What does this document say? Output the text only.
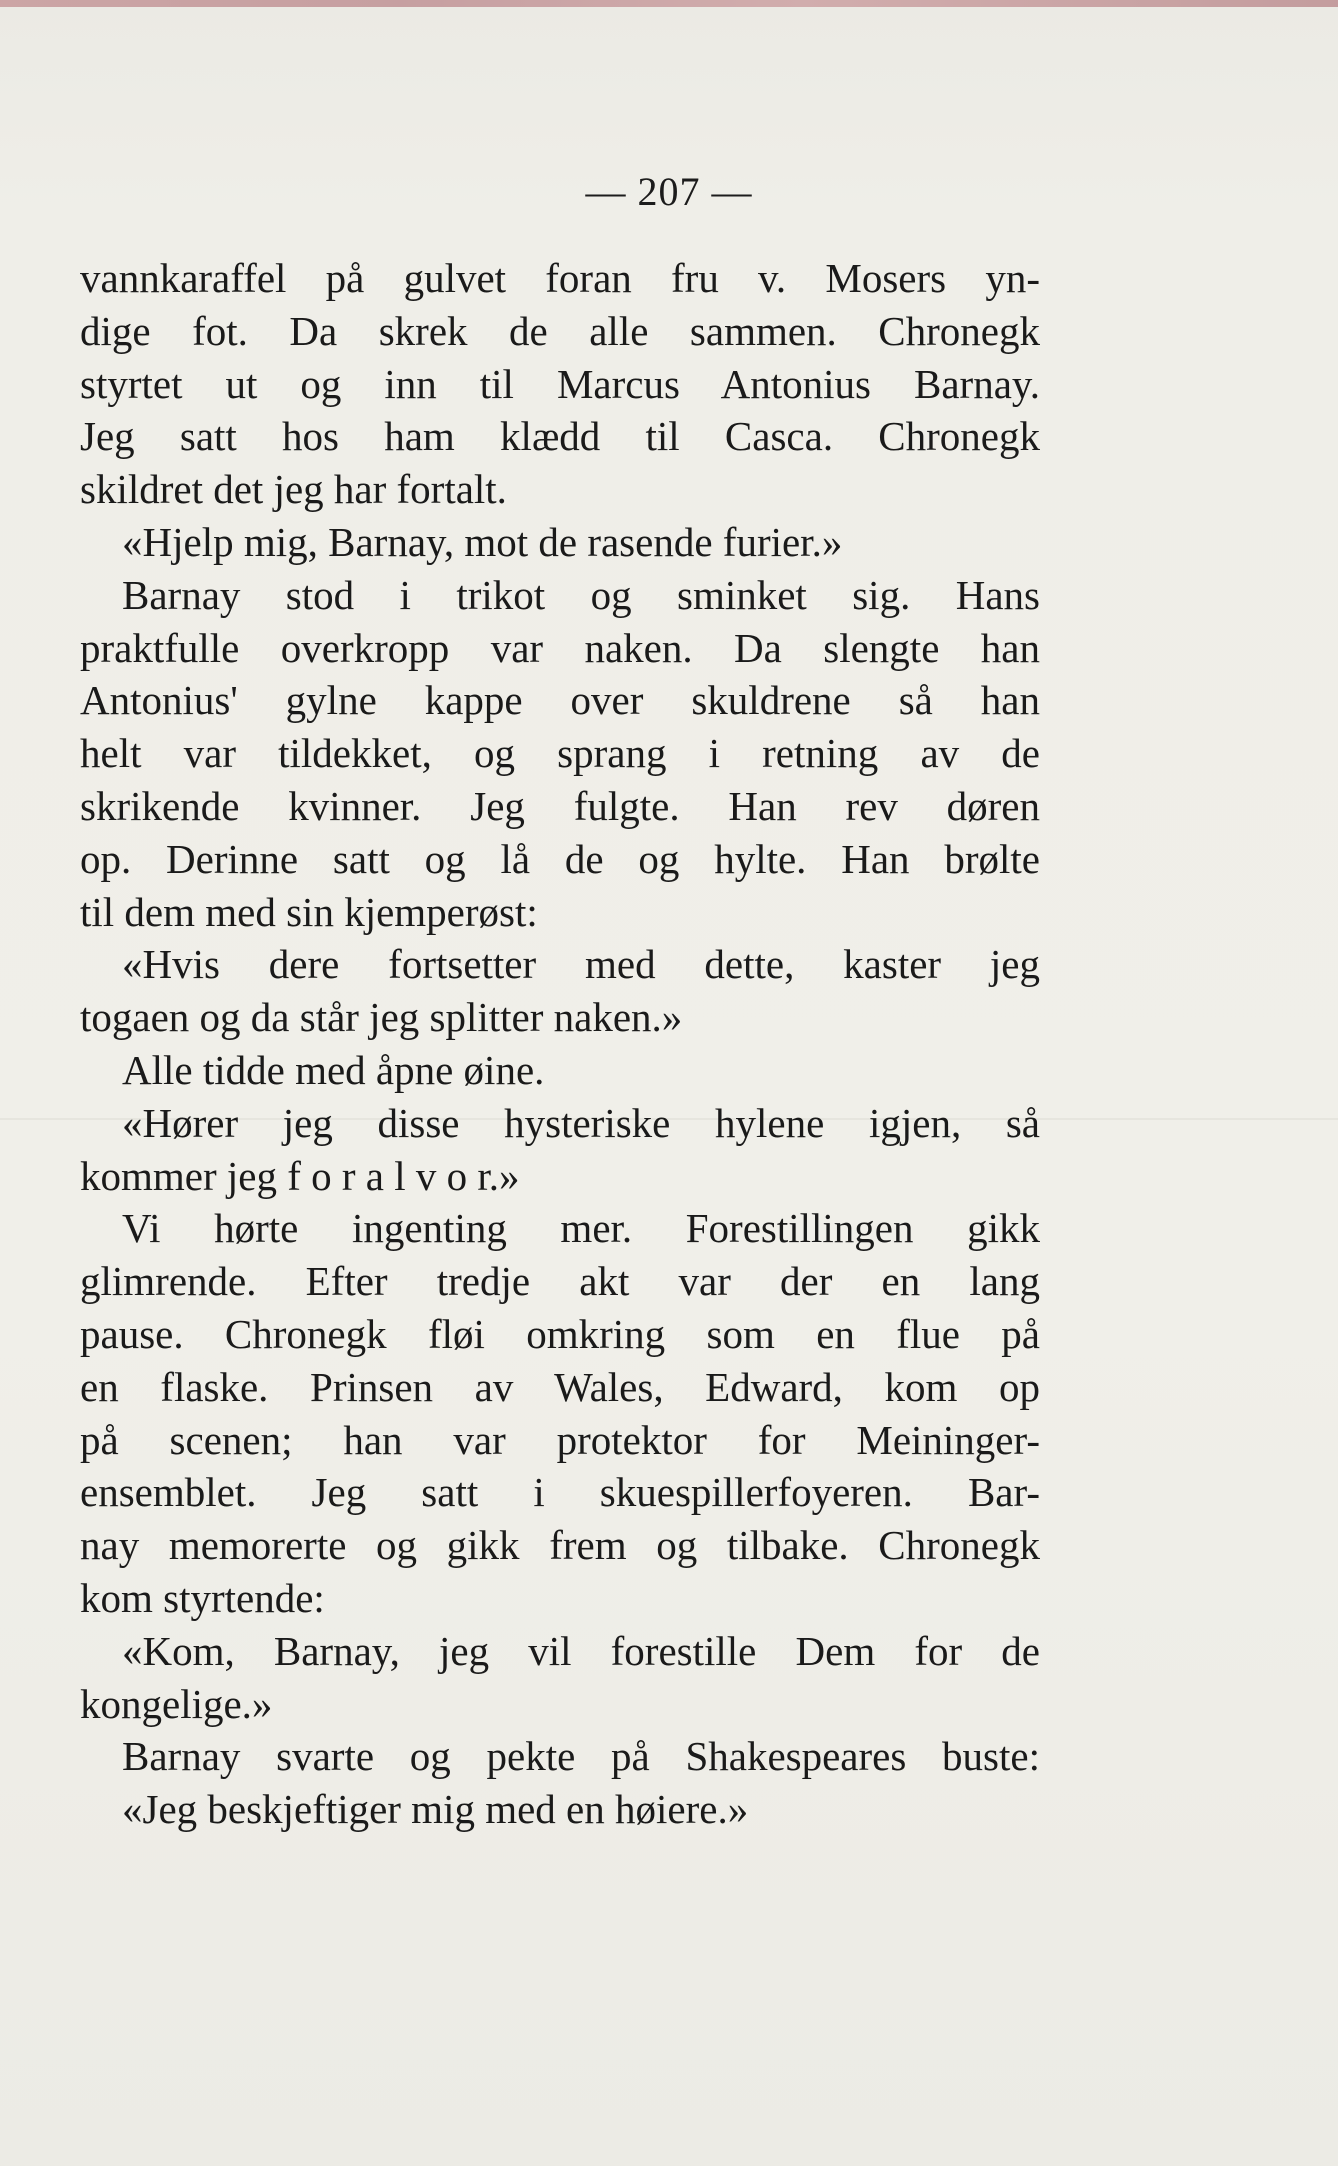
— 207 —
vannkaraffel på gulvet foran fru v. Mosers yn-
dige fot. Da skrek de alle sammen. Chronegk
styrtet ut og inn til Marcus Antonius Barnay.
Jeg satt hos ham klædd til Casca. Chronegk
skildret det jeg har fortalt.
«Hjelp mig, Barnay, mot de rasende furier.»
Barnay stod i trikot og sminket sig. Hans
praktfulle overkropp var naken. Da slengte han
Antonius' gylne kappe over skuldrene så han
helt var tildekket, og sprang i retning av de
skrikende kvinner. Jeg fulgte. Han rev døren
op. Derinne satt og lå de og hylte. Han brølte
til dem med sin kjemperøst:
«Hvis dere fortsetter med dette, kaster jeg
togaen og da står jeg splitter naken.»
Alle tidde med åpne øine.
«Hører jeg disse hysteriske hylene igjen, så
kommer jeg f o r a l v o r.»
Vi hørte ingenting mer. Forestillingen gikk
glimrende. Efter tredje akt var der en lang
pause. Chronegk fløi omkring som en flue på
en flaske. Prinsen av Wales, Edward, kom op
på scenen; han var protektor for Meininger-
ensemblet. Jeg satt i skuespillerfoyeren. Bar-
nay memorerte og gikk frem og tilbake. Chronegk
kom styrtende:
«Kom, Barnay, jeg vil forestille Dem for de
kongelige.»
Barnay svarte og pekte på Shakespeares buste:
«Jeg beskjeftiger mig med en høiere.»
